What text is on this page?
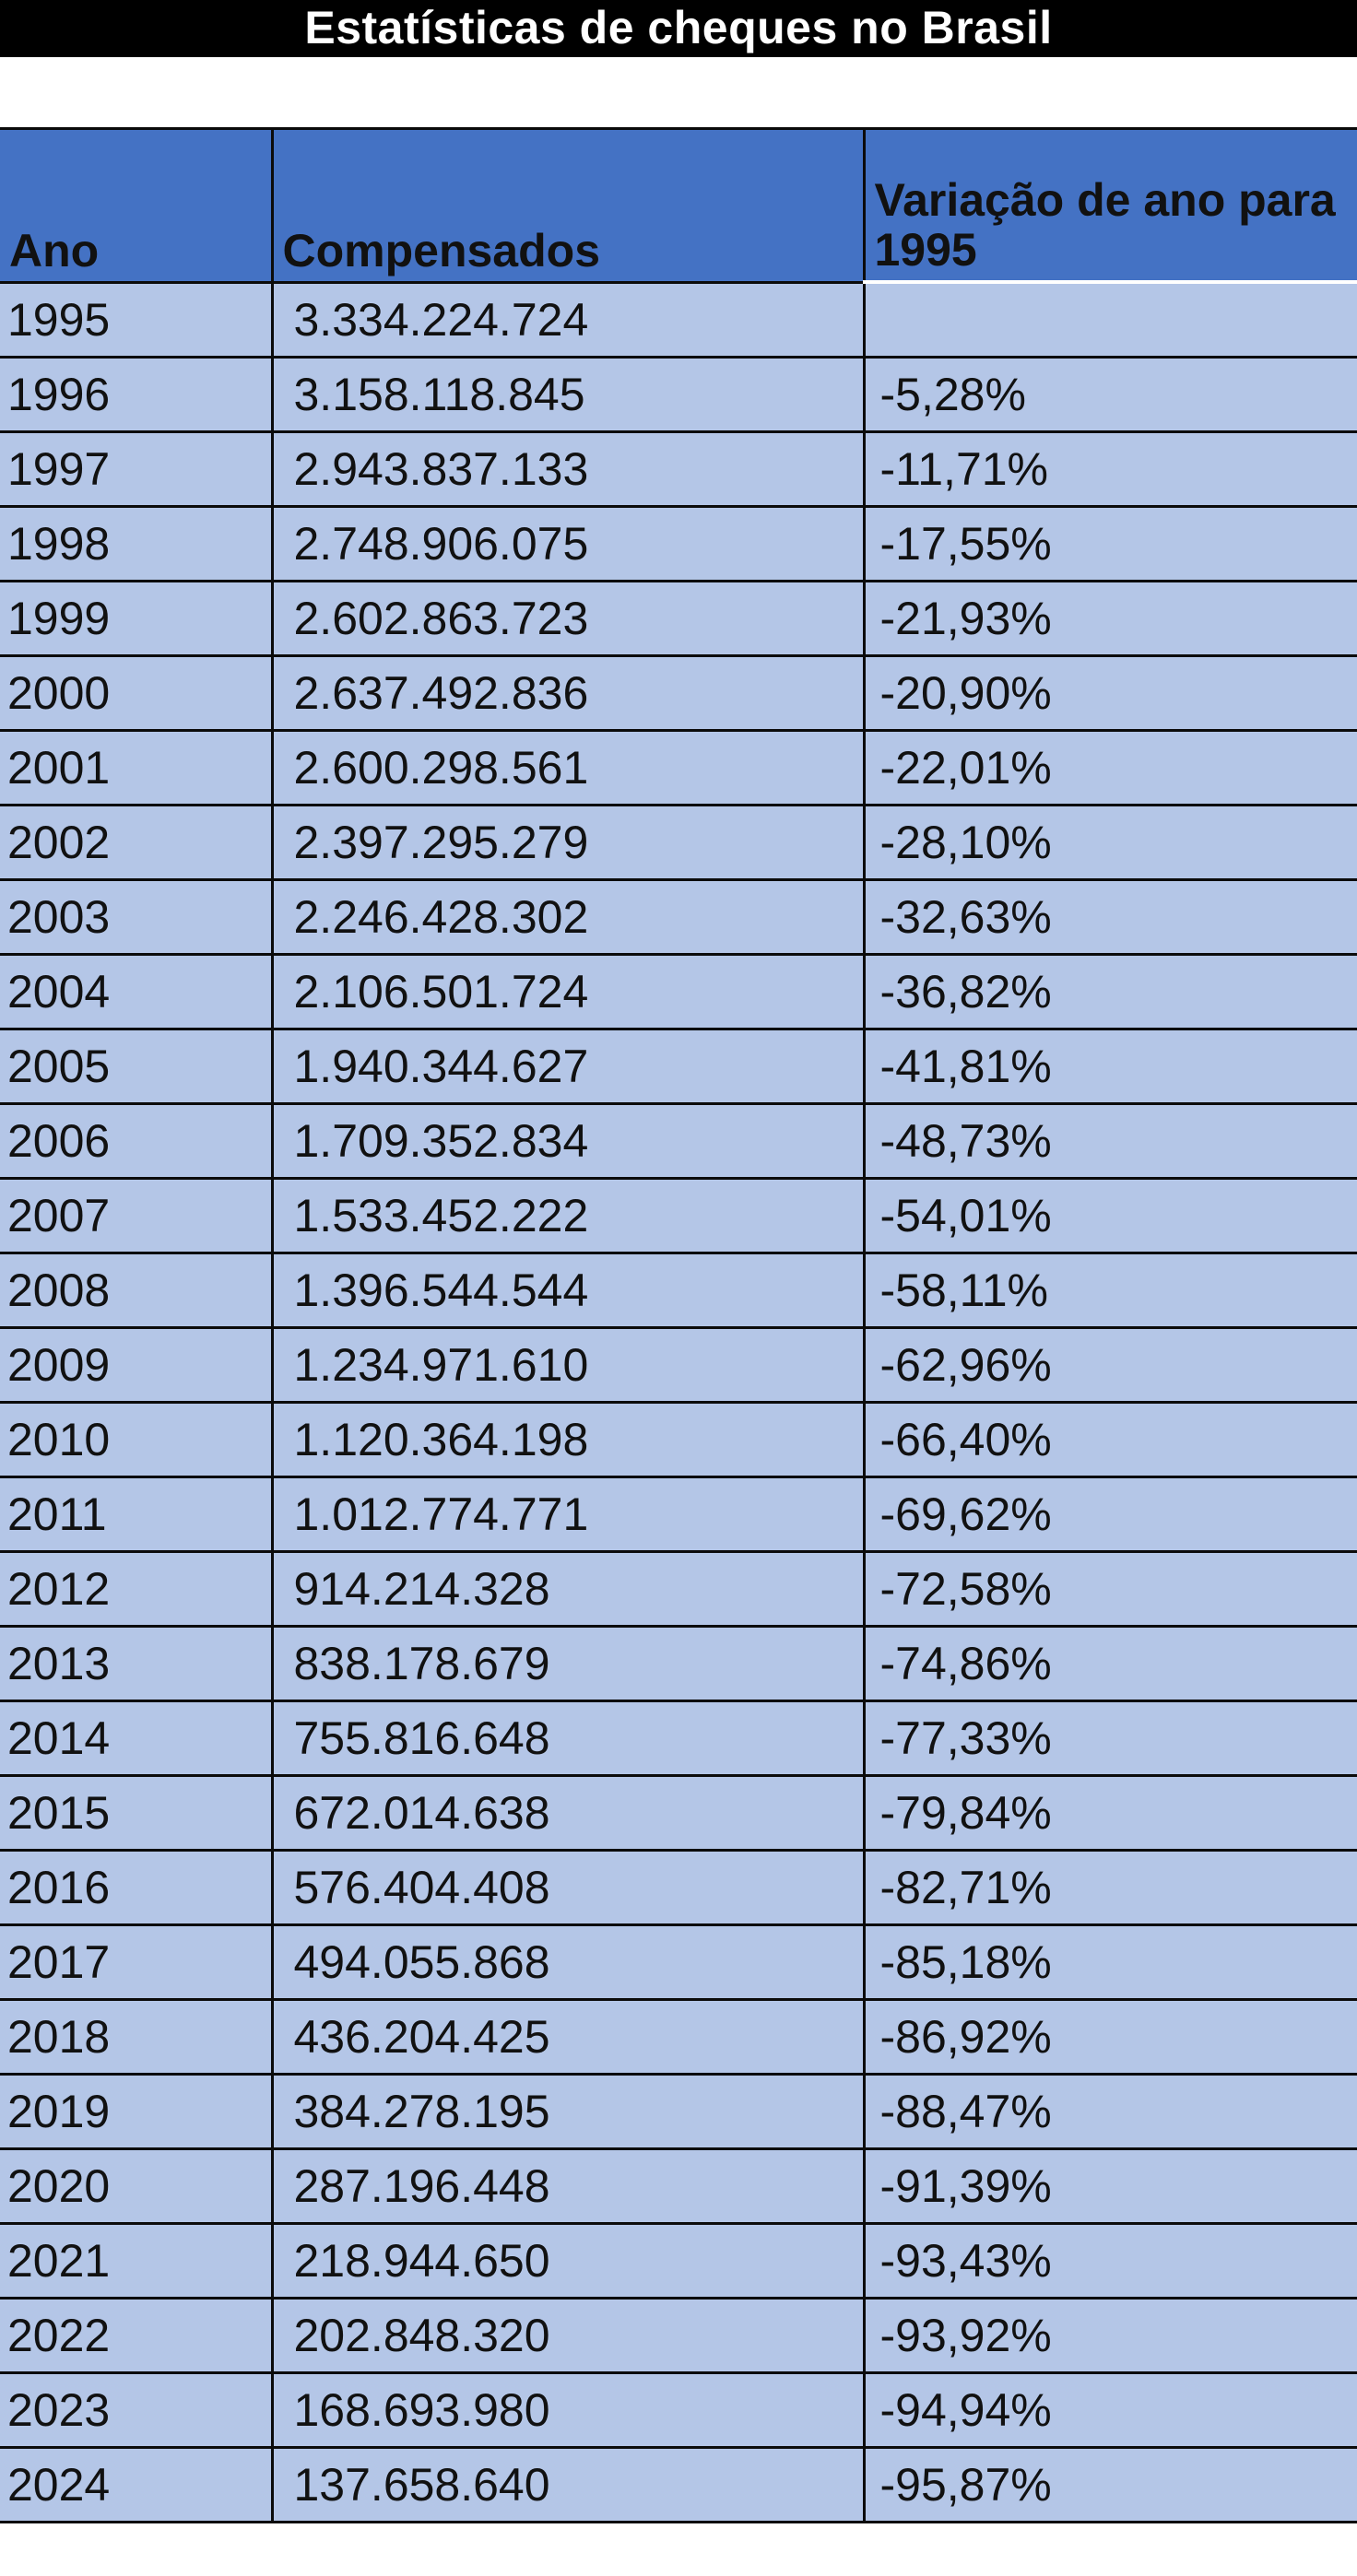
Estatísticas de cheques no Brasil
Ano	Compensados	Variação de ano para 1995
1995	3.334.224.724	
1996	3.158.118.845	-5,28%
1997	2.943.837.133	-11,71%
1998	2.748.906.075	-17,55%
1999	2.602.863.723	-21,93%
2000	2.637.492.836	-20,90%
2001	2.600.298.561	-22,01%
2002	2.397.295.279	-28,10%
2003	2.246.428.302	-32,63%
2004	2.106.501.724	-36,82%
2005	1.940.344.627	-41,81%
2006	1.709.352.834	-48,73%
2007	1.533.452.222	-54,01%
2008	1.396.544.544	-58,11%
2009	1.234.971.610	-62,96%
2010	1.120.364.198	-66,40%
2011	1.012.774.771	-69,62%
2012	914.214.328	-72,58%
2013	838.178.679	-74,86%
2014	755.816.648	-77,33%
2015	672.014.638	-79,84%
2016	576.404.408	-82,71%
2017	494.055.868	-85,18%
2018	436.204.425	-86,92%
2019	384.278.195	-88,47%
2020	287.196.448	-91,39%
2021	218.944.650	-93,43%
2022	202.848.320	-93,92%
2023	168.693.980	-94,94%
2024	137.658.640	-95,87%
